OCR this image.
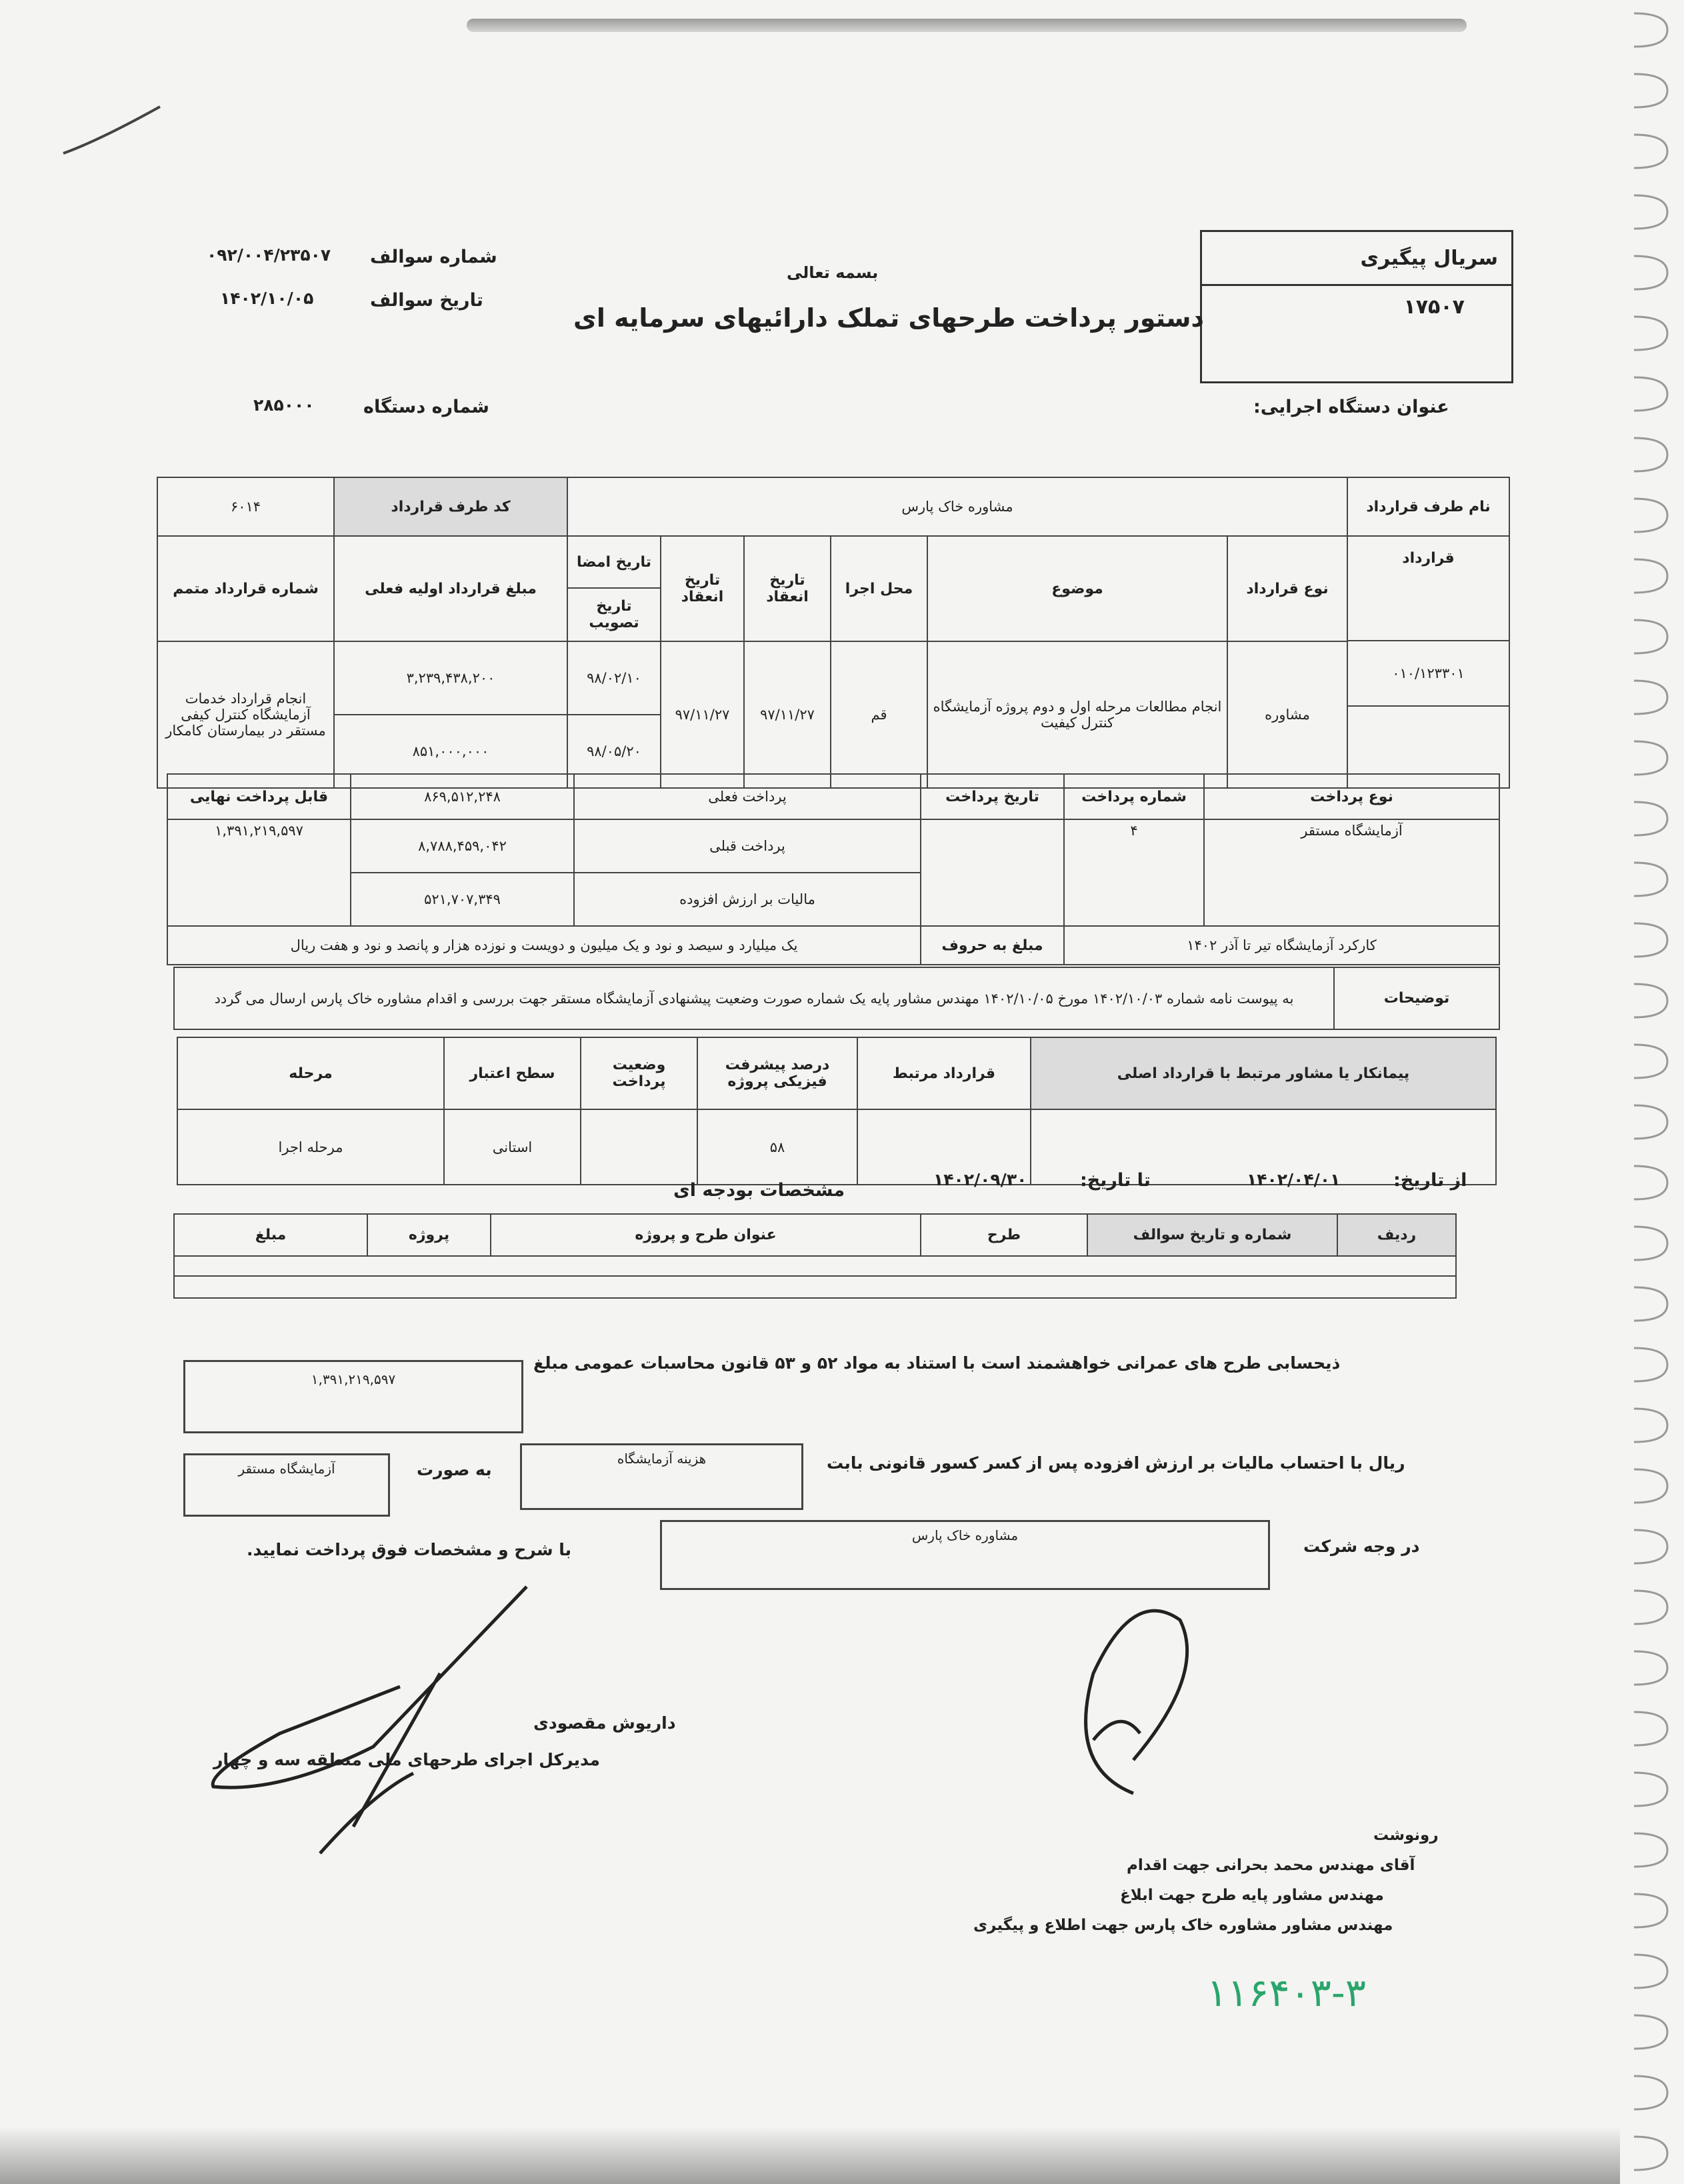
سریال پیگیری
۱۷۵۰۷
بسمه تعالی
دستور پرداخت طرحهای تملک دارائیهای سرمایه ای
شماره سوالف
۰۹۲/۰۰۴/۲۳۵۰۷
تاریخ سوالف
۱۴۰۲/۱۰/۰۵
شماره دستگاه
۲۸۵۰۰۰	عنوان دستگاه اجرایی:
نام طرف قرارداد
مشاوره خاک پارس
کد طرف قرارداد
۶۰۱۴
قرارداد
نوع قرارداد
موضوع
محل اجرا
تاریخ انعقاد
تاریخ انعقاد
تاریخ امضا
تاریخ تصویب
مبلغ قرارداد اولیه فعلی
شماره قرارداد متمم
۰۱۰/۱۲۳۳۰۱
مشاوره
انجام مطالعات مرحله اول و دوم پروژه آزمایشگاه کنترل کیفیت
قم
۹۷/۱۱/۲۷
۹۷/۱۱/۲۷
۹۸/۰۲/۱۰
۹۸/۰۵/۲۰
۳,۲۳۹,۴۳۸,۲۰۰
۸۵۱,۰۰۰,۰۰۰
انجام قرارداد خدمات آزمایشگاه کنترل کیفی مستقر در بیمارستان کامکار
نوع پرداخت
شماره پرداخت
تاریخ پرداخت
پرداخت فعلی
۸۶۹,۵۱۲,۲۴۸
قابل پرداخت نهایی
آزمایشگاه مستقر
۴
پرداخت قبلی
۸,۷۸۸,۴۵۹,۰۴۲
۱,۳۹۱,۲۱۹,۵۹۷
مالیات بر ارزش افزوده
۵۲۱,۷۰۷,۳۴۹
کارکرد آزمایشگاه تیر تا آذر ۱۴۰۲
مبلغ به حروف
یک میلیارد و سیصد و نود و یک میلیون و دویست و نوزده هزار و پانصد و نود و هفت ریال
توضیحات
به پیوست نامه شماره ۱۴۰۲/۱۰/۰۳ مورخ ۱۴۰۲/۱۰/۰۵ مهندس مشاور پایه یک شماره صورت وضعیت پیشنهادی آزمایشگاه مستقر جهت بررسی و اقدام مشاوره خاک پارس ارسال می گردد
پیمانکار یا مشاور مرتبط با قرارداد اصلی
قرارداد مرتبط
درصد پیشرفت فیزیکی پروژه
وضعیت پرداخت
سطح اعتبار
مرحله
۵۸
استانی
مرحله اجرا
از تاریخ:
۱۴۰۲/۰۴/۰۱
تا تاریخ:
۱۴۰۲/۰۹/۳۰
مشخصات بودجه ای
ردیف
شماره و تاریخ سوالف
طرح
عنوان طرح و پروژه
پروژه
مبلغ
ذیحسابی طرح های عمرانی خواهشمند است با استناد به مواد ۵۲ و ۵۳ قانون محاسبات عمومی مبلغ
۱,۳۹۱,۲۱۹,۵۹۷
ریال با احتساب مالیات بر ارزش افزوده پس از کسر کسور قانونی بابت
هزینه آزمایشگاه
به صورت
آزمایشگاه مستقر
در وجه شرکت
مشاوره خاک پارس
با شرح و مشخصات فوق پرداخت نمایید.
داریوش مقصودی
مدیرکل اجرای طرحهای ملی منطقه سه و چهار
رونوشت
آقای مهندس محمد بحرانی جهت اقدام
مهندس مشاور پایه طرح جهت ابلاغ
مهندس مشاور مشاوره خاک پارس جهت اطلاع و پیگیری
۱۱۶۴۰۳-۳
